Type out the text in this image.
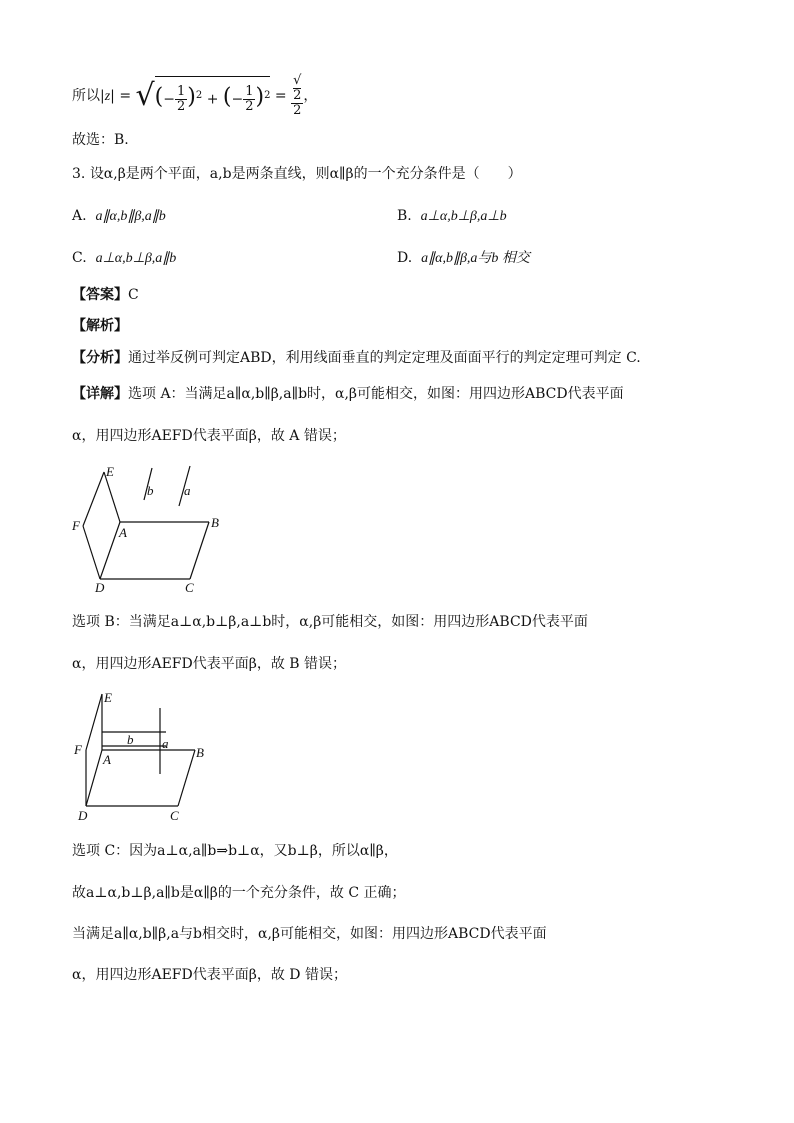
所以|z| = √(− $\frac{1}{2} )^2$ + (− $\frac{1}{2} )^2$ = √
2
2 ，
故选：B.
3. 设α,β是两个平面，a,b是两条直线，则α∥β的一个充分条件是（　　）
A. a∥α,b∥β,a∥b	B. a⊥α,b⊥β,a⊥b
C. a⊥α,b⊥β,a∥b	D. a∥α,b∥β,a与b 相交
【答案】C
【解析】
【分析】通过举反例可判定ABD，利用线面垂直的判定定理及面面平行的判定定理可判定 C.
【详解】选项 A：当满足a∥α,b∥β,a∥b时，α,β可能相交，如图：用四边形ABCD代表平面
α，用四边形AEFD代表平面β，故 A 错误；
E
F	A
B
C
D
b a
选项 B：当满足a⊥α,b⊥β,a⊥b时，α,β可能相交，如图：用四边形ABCD代表平面
α，用四边形AEFD代表平面β，故 B 错误；
E
F
A	B
C
D
b a
选项 C：因为a⊥α,a∥b⇒b⊥α，又b⊥β，所以α∥β，
故a⊥α,b⊥β,a∥b是α∥β的一个充分条件，故 C 正确；
当满足a∥α,b∥β,a与b相交时，α,β可能相交，如图：用四边形ABCD代表平面
α，用四边形AEFD代表平面β，故 D 错误；
